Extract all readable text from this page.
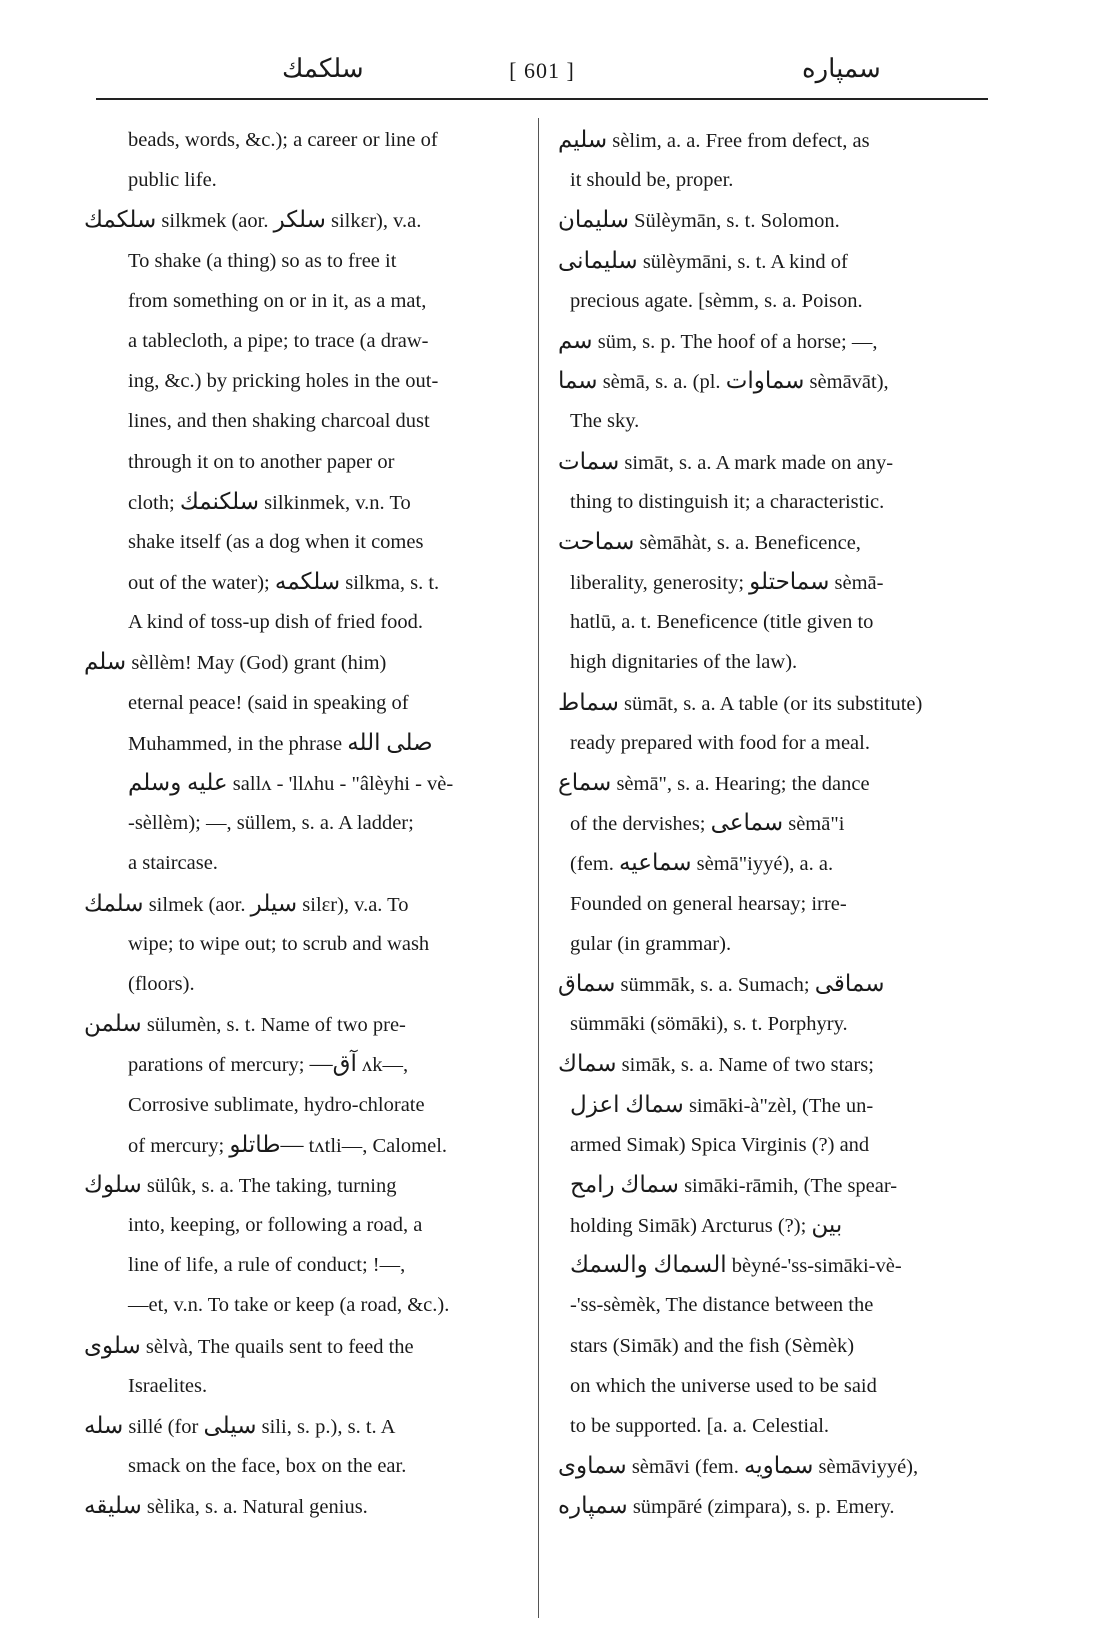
سلكمك	[ 601 ]	سمپاره
beads, words, &c.); a career or line of
public life.
سلكمك silkmek (aor. سلكر silkεr), v.a.
To shake (a thing) so as to free it
from something on or in it, as a mat,
a tablecloth, a pipe; to trace (a draw-
ing, &c.) by pricking holes in the out-
lines, and then shaking charcoal dust
through it on to another paper or
cloth; سلكنمك silkinmek, v.n. To
shake itself (as a dog when it comes
out of the water); سلكمه silkma, s. t.
A kind of toss-up dish of fried food.
سلم sèllèm! May (God) grant (him)
eternal peace! (said in speaking of
Muhammed, in the phrase صلى الله
عليه وسلم sallʌ - 'llʌhu - "âlèyhi - vè-
-sèllèm); —, süllem, s. a. A ladder;
a staircase.
سلمك silmek (aor. سيلر silεr), v.a. To
wipe; to wipe out; to scrub and wash
(floors).
سلمن sülumèn, s. t. Name of two pre-
parations of mercury; آق— ʌk—,
Corrosive sublimate, hydro-chlorate
of mercury; —طاتلو tʌtli—, Calomel.
سلوك sülûk, s. a. The taking, turning
into, keeping, or following a road, a
line of life, a rule of conduct; !—,
—et, v.n. To take or keep (a road, &c.).
سلوى sèlvà, The quails sent to feed the
Israelites.
سله sillé (for سيلى sili, s. p.), s. t. A
smack on the face, box on the ear.
سليقه sèlika, s. a. Natural genius.
سليم sèlim, a. a. Free from defect, as
it should be, proper.
سليمان Sülèymān, s. t. Solomon.
سليمانى sülèymāni, s. t. A kind of
precious agate. [sèmm, s. a. Poison.
سم süm, s. p. The hoof of a horse; —,
سما sèmā, s. a. (pl. سماوات sèmāvāt),
The sky.
سمات simāt, s. a. A mark made on any-
thing to distinguish it; a characteristic.
سماحت sèmāhàt, s. a. Beneficence,
liberality, generosity; سماحتلو sèmā-
hatlū, a. t. Beneficence (title given to
high dignitaries of the law).
سماط sümāt, s. a. A table (or its substitute)
ready prepared with food for a meal.
سماع sèmā", s. a. Hearing; the dance
of the dervishes; سماعى sèmā"i
(fem. سماعيه sèmā"iyyé), a. a.
Founded on general hearsay; irre-
gular (in grammar).
سماق sümmāk, s. a. Sumach; سماقى
sümmāki (sömāki), s. t. Porphyry.
سماك simāk, s. a. Name of two stars;
سماك اعزل simāki-à"zèl, (The un-
armed Simak) Spica Virginis (?) and
سماك رامح simāki-rāmih, (The spear-
holding Simāk) Arcturus (?); بين
السماك والسمك bèyné-'ss-simāki-vè-
-'ss-sèmèk, The distance between the
stars (Simāk) and the fish (Sèmèk)
on which the universe used to be said
to be supported. [a. a. Celestial.
سماوى sèmāvi (fem. سماويه sèmāviyyé),
سمپاره sümpāré (zimpara), s. p. Emery.
